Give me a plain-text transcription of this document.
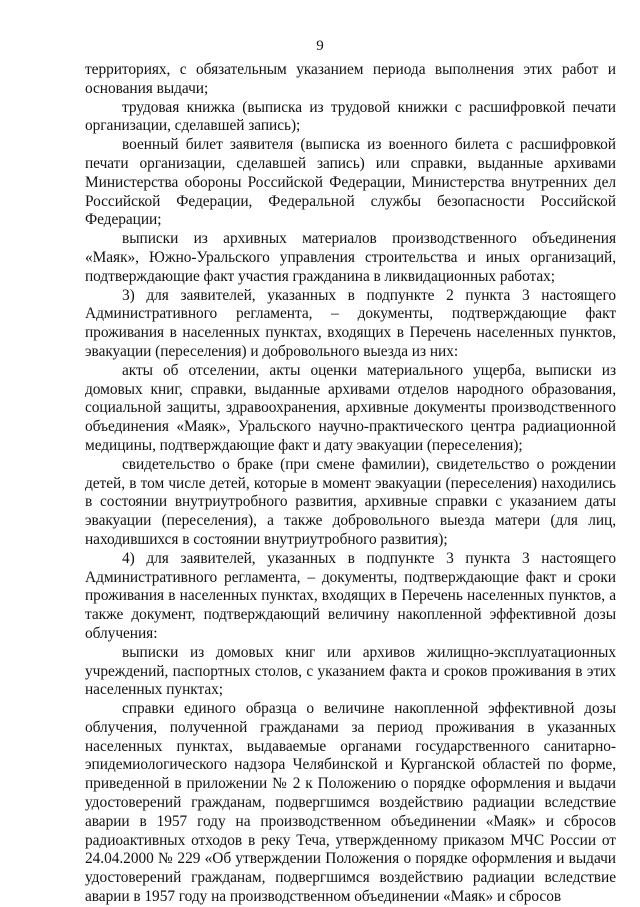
9

территориях, с обязательным указанием периода выполнения этих работ и основания выдачи;

трудовая книжка (выписка из трудовой книжки с расшифровкой печати организации, сделавшей запись);

военный билет заявителя (выписка из военного билета с расшифровкой печати организации, сделавшей запись) или справки, выданные архивами Министерства обороны Российской Федерации, Министерства внутренних дел Российской Федерации, Федеральной службы безопасности Российской Федерации;

выписки из архивных материалов производственного объединения «Маяк», Южно-Уральского управления строительства и иных организаций, подтверждающие факт участия гражданина в ликвидационных работах;

3) для заявителей, указанных в подпункте 2 пункта 3 настоящего Административного регламента, – документы, подтверждающие факт проживания в населенных пунктах, входящих в Перечень населенных пунктов, эвакуации (переселения) и добровольного выезда из них:

акты об отселении, акты оценки материального ущерба, выписки из домовых книг, справки, выданные архивами отделов народного образования, социальной защиты, здравоохранения, архивные документы производственного объединения «Маяк», Уральского научно-практического центра радиационной медицины, подтверждающие факт и дату эвакуации (переселения);

свидетельство о браке (при смене фамилии), свидетельство о рождении детей, в том числе детей, которые в момент эвакуации (переселения) находились в состоянии внутриутробного развития, архивные справки с указанием даты эвакуации (переселения), а также добровольного выезда матери (для лиц, находившихся в состоянии внутриутробного развития);

4) для заявителей, указанных в подпункте 3 пункта 3 настоящего Административного регламента, – документы, подтверждающие факт и сроки проживания в населенных пунктах, входящих в Перечень населенных пунктов, а также документ, подтверждающий величину накопленной эффективной дозы облучения:

выписки из домовых книг или архивов жилищно-эксплуатационных учреждений, паспортных столов, с указанием факта и сроков проживания в этих населенных пунктах;

справки единого образца о величине накопленной эффективной дозы облучения, полученной гражданами за период проживания в указанных населенных пунктах, выдаваемые органами государственного санитарно-эпидемиологического надзора Челябинской и Курганской областей по форме, приведенной в приложении № 2 к Положению о порядке оформления и выдачи удостоверений гражданам, подвергшимся воздействию радиации вследствие аварии в 1957 году на производственном объединении «Маяк» и сбросов радиоактивных отходов в реку Теча, утвержденному приказом МЧС России от 24.04.2000 № 229 «Об утверждении Положения о порядке оформления и выдачи удостоверений гражданам, подвергшимся воздействию радиации вследствие аварии в 1957 году на производственном объединении «Маяк» и сбросов
